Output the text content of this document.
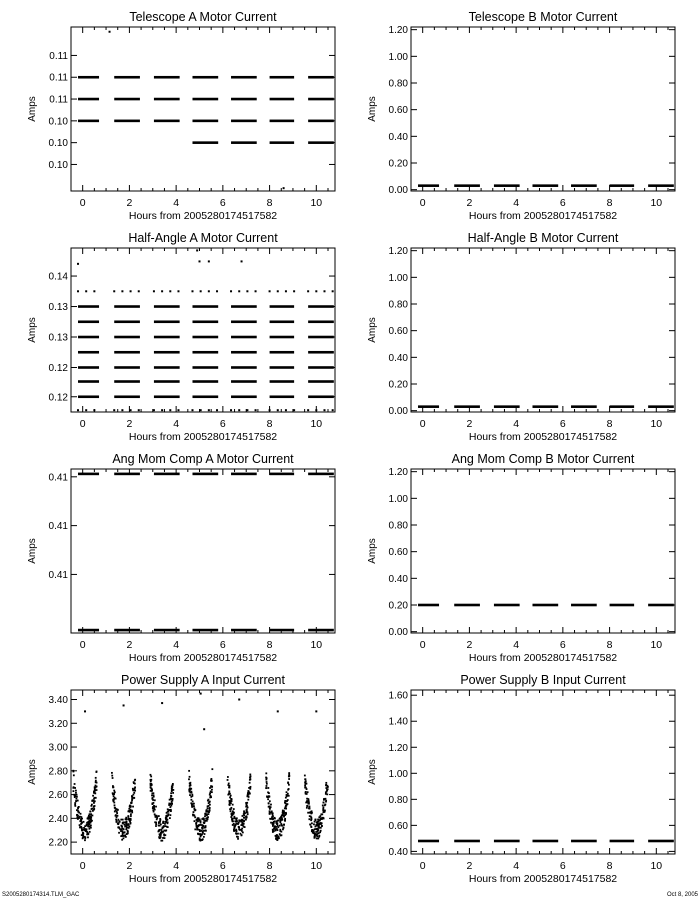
Telescope A Motor Current
Hours from 2005280174517582
Amps
0	2	4	6	8	10
0.10
0.10
0.10
0.11
0.11
0.11
Telescope B Motor Current
Hours from 2005280174517582
Amps
0	2	4	6	8	10
0.00
0.20
0.40
0.60
0.80
1.00
1.20
Half-Angle A Motor Current
Hours from 2005280174517582
Amps
0	2	4	6	8	10
0.12
0.12
0.13
0.13
0.14
Half-Angle B Motor Current
Hours from 2005280174517582
Amps
0	2	4	6	8	10
0.00
0.20
0.40
0.60
0.80
1.00
1.20
Ang Mom Comp A Motor Current
Hours from 2005280174517582
Amps
0	2	4	6	8	10
0.41
0.41
0.41
Ang Mom Comp B Motor Current
Hours from 2005280174517582
Amps
0	2	4	6	8	10
0.00
0.20
0.40
0.60
0.80
1.00
1.20
Power Supply A Input Current
Hours from 2005280174517582
Amps
0	2	4	6	8	10
2.20
2.40
2.60
2.80
3.00
3.20
3.40
Power Supply B Input Current
Hours from 2005280174517582
Amps
0	2	4	6	8	10
0.40
0.60
0.80
1.00
1.20
1.40
1.60
S2005280174314.TLM_GAC	Oct 8, 2005
